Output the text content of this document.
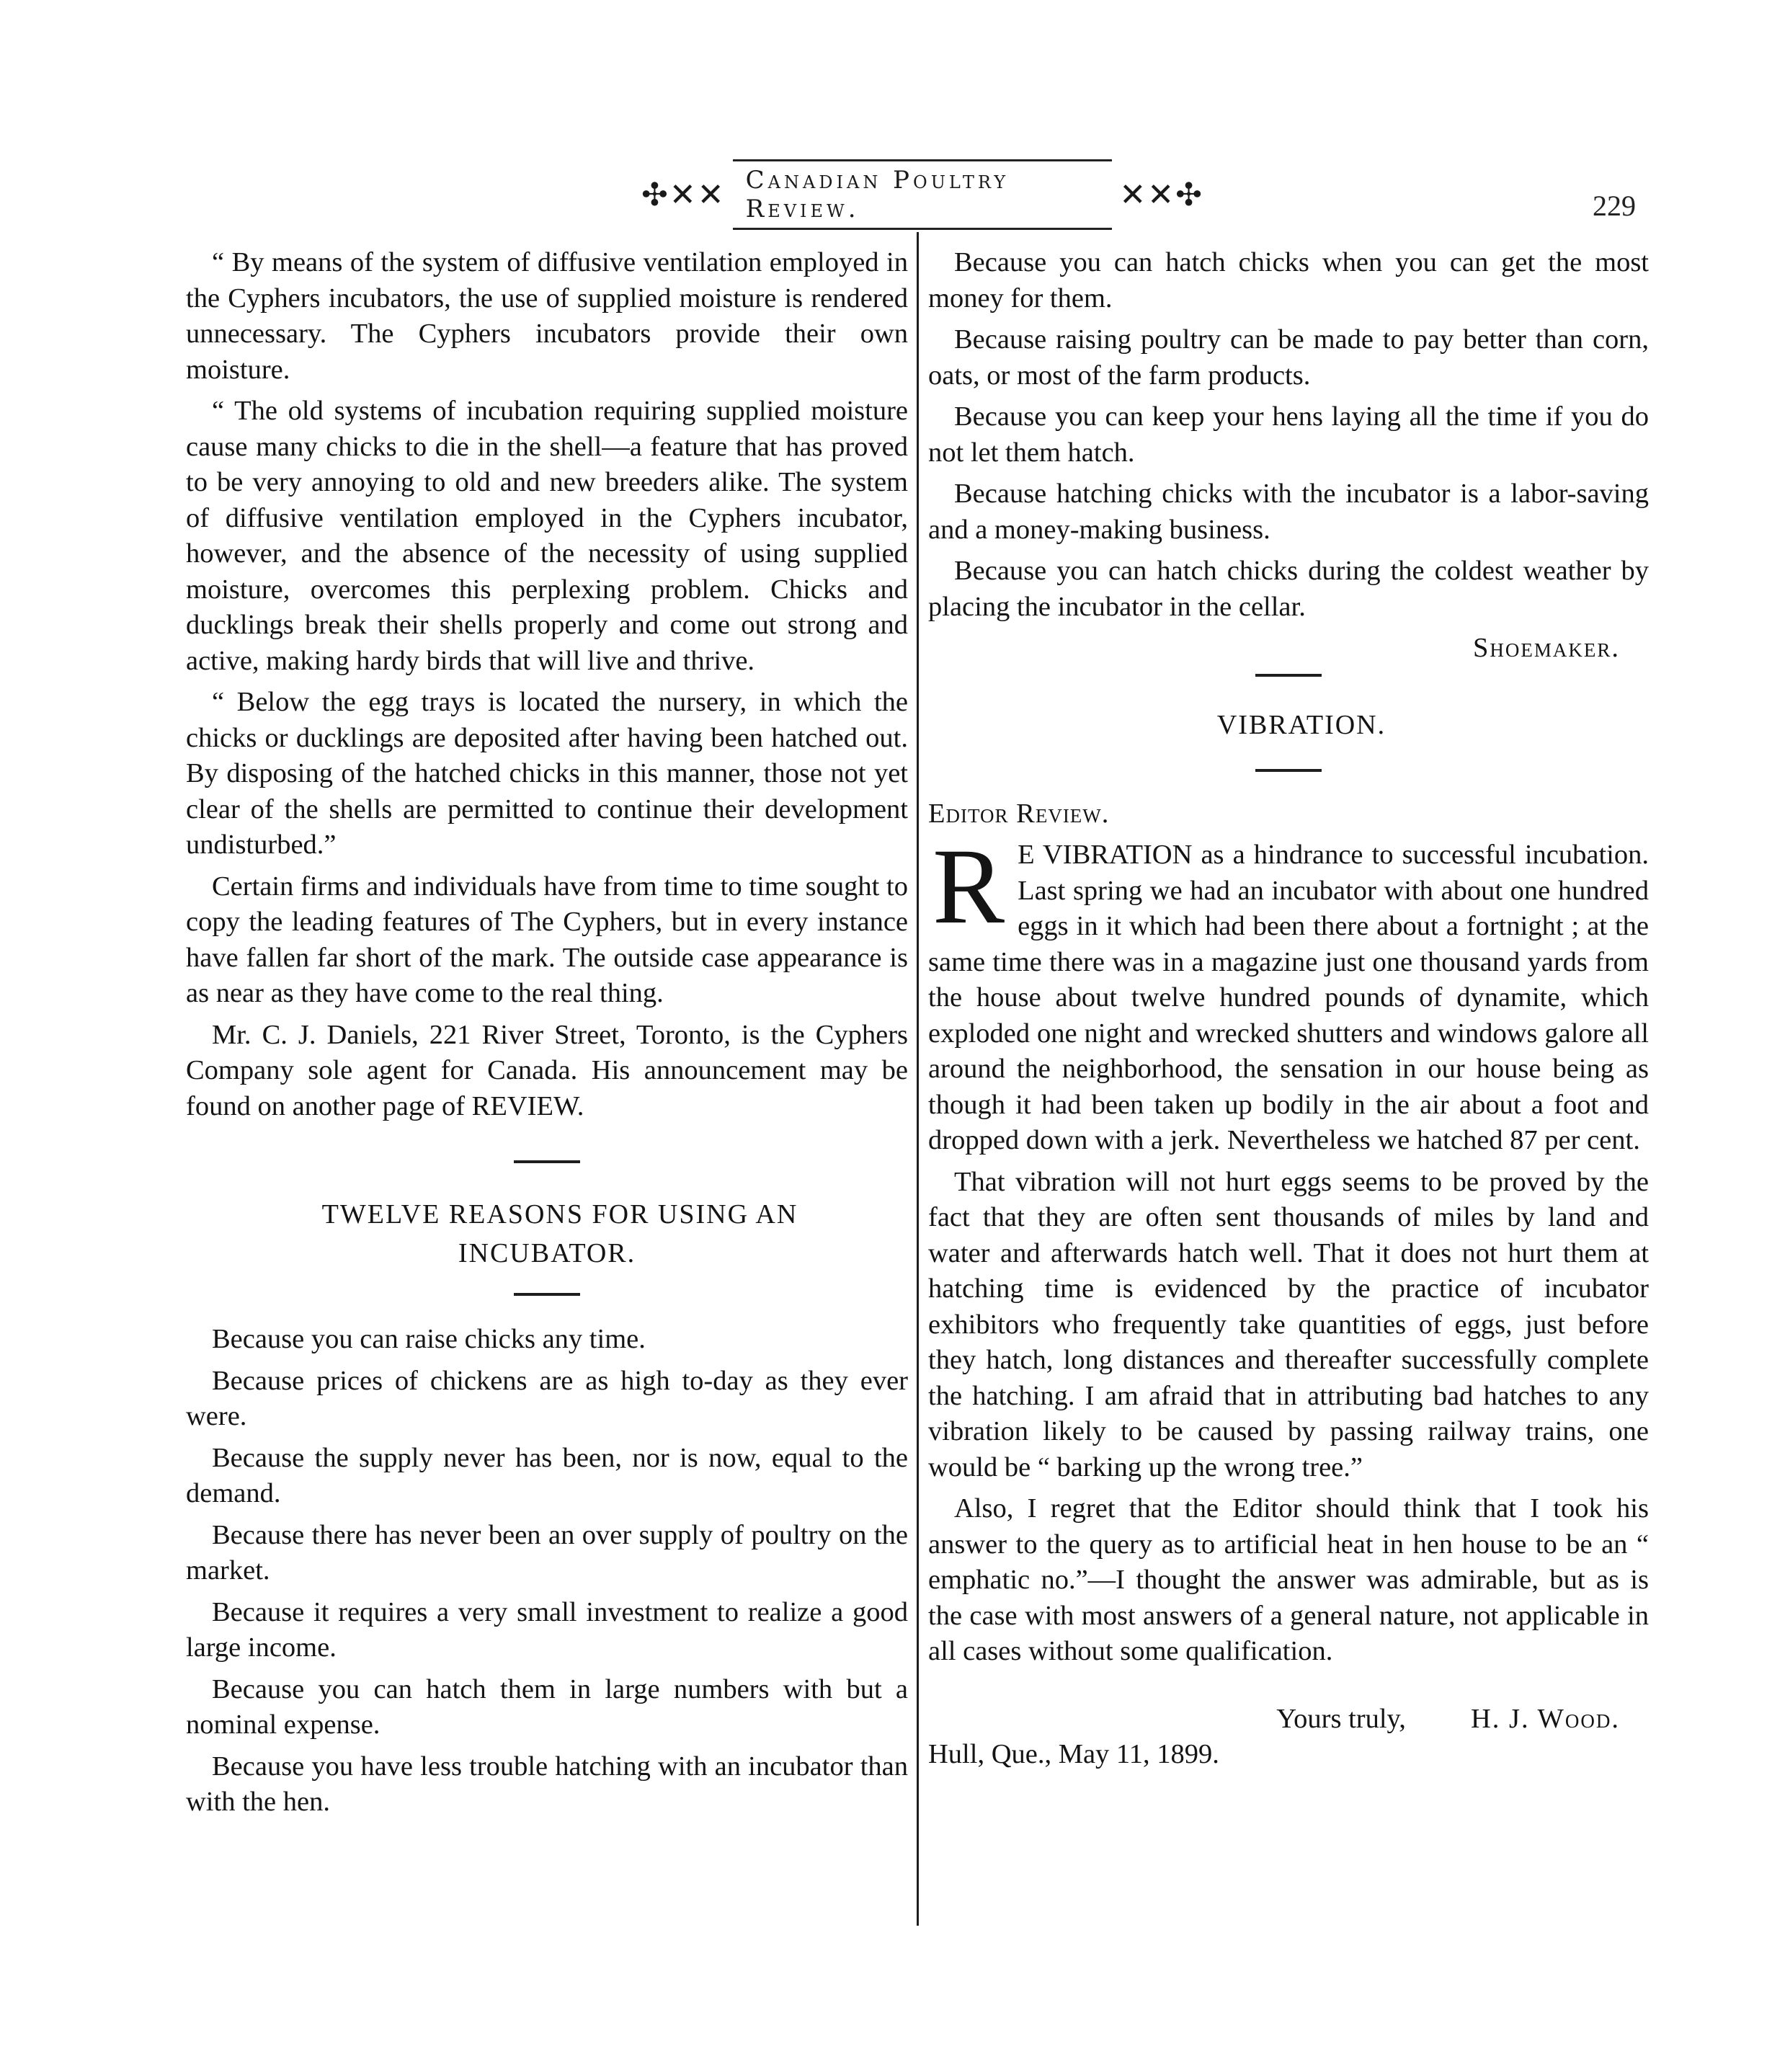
✣✕✕ Canadian Poultry Review.	✕✕✣	229

“ By means of the system of diffusive ventilation employed in the Cyphers incubators, the use of supplied moisture is rendered unnecessary. The Cyphers incubators provide their own moisture.

“ The old systems of incubation requiring supplied moisture cause many chicks to die in the shell—a feature that has proved to be very annoying to old and new breeders alike. The system of diffusive ventilation employed in the Cyphers incubator, however, and the absence of the necessity of using supplied moisture, overcomes this perplexing problem. Chicks and ducklings break their shells properly and come out strong and active, making hardy birds that will live and thrive.

“ Below the egg trays is located the nursery, in which the chicks or ducklings are deposited after having been hatched out. By disposing of the hatched chicks in this manner, those not yet clear of the shells are permitted to continue their development undisturbed.”

Certain firms and individuals have from time to time sought to copy the leading features of The Cyphers, but in every instance have fallen far short of the mark. The outside case appearance is as near as they have come to the real thing.

Mr. C. J. Daniels, 221 River Street, Toronto, is the Cyphers Company sole agent for Canada. His announcement may be found on another page of REVIEW.

TWELVE REASONS FOR USING AN INCUBATOR.

Because you can raise chicks any time.

Because prices of chickens are as high to-day as they ever were.

Because the supply never has been, nor is now, equal to the demand.

Because there has never been an over supply of poultry on the market.

Because it requires a very small investment to realize a good large income.

Because you can hatch them in large numbers with but a nominal expense.

Because you have less trouble hatching with an incubator than with the hen.

Because you can hatch chicks when you can get the most money for them.

Because raising poultry can be made to pay better than corn, oats, or most of the farm products.

Because you can keep your hens laying all the time if you do not let them hatch.

Because hatching chicks with the incubator is a labor-saving and a money-making business.

Because you can hatch chicks during the coldest weather by placing the incubator in the cellar.

Shoemaker.

VIBRATION.

Editor Review.

R E VIBRATION as a hindrance to successful incubation. Last spring we had an incubator with about one hundred eggs in it which had been there about a fortnight ; at the same time there was in a magazine just one thousand yards from the house about twelve hundred pounds of dynamite, which exploded one night and wrecked shutters and windows galore all around the neighborhood, the sensation in our house being as though it had been taken up bodily in the air about a foot and dropped down with a jerk. Nevertheless we hatched 87 per cent.

That vibration will not hurt eggs seems to be proved by the fact that they are often sent thousands of miles by land and water and afterwards hatch well. That it does not hurt them at hatching time is evidenced by the practice of incubator exhibitors who frequently take quantities of eggs, just before they hatch, long distances and thereafter successfully complete the hatching. I am afraid that in attributing bad hatches to any vibration likely to be caused by passing railway trains, one would be “ barking up the wrong tree.”

Also, I regret that the Editor should think that I took his answer to the query as to artificial heat in hen house to be an “ emphatic no.”—I thought the answer was admirable, but as is the case with most answers of a general nature, not applicable in all cases without some qualification.

Yours truly, H. J. Wood.

Hull, Que., May 11, 1899.
